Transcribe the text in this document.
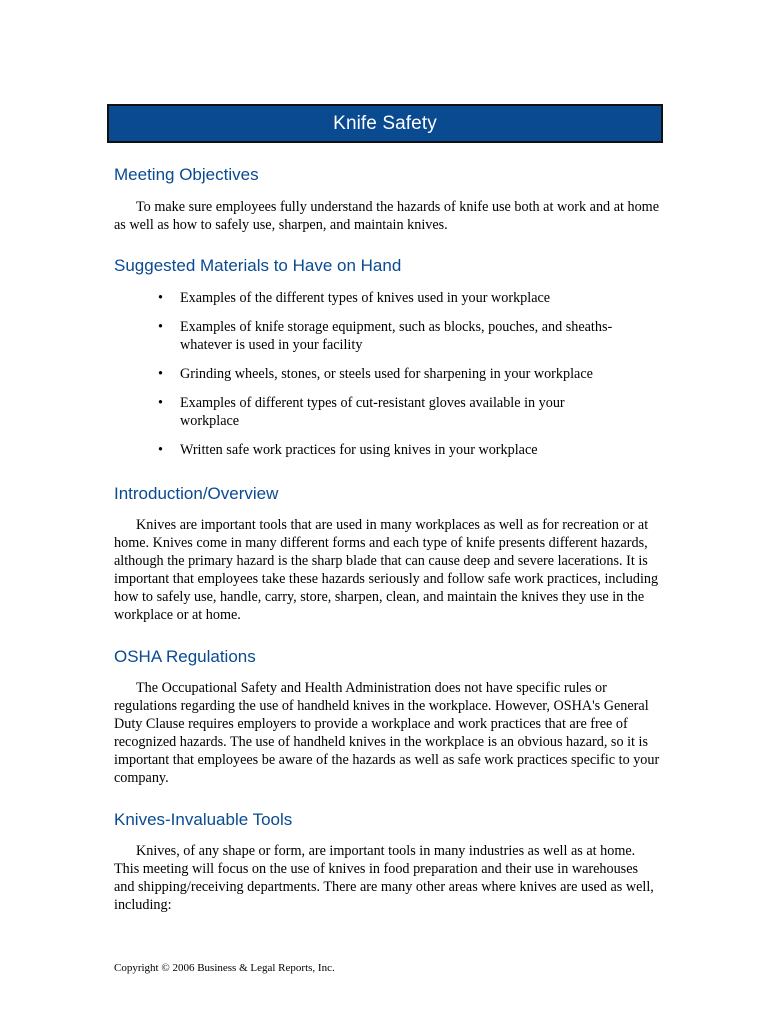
Knife Safety
Meeting Objectives

To make sure employees fully understand the hazards of knife use both at work and at home as well as how to safely use, sharpen, and maintain knives.

Suggested Materials to Have on Hand
•	Examples of the different types of knives used in your workplace
•	Examples of knife storage equipment, such as blocks, pouches, and sheaths- whatever is used in your facility
•	Grinding wheels, stones, or steels used for sharpening in your workplace
•	Examples of different types of cut-resistant gloves available in your workplace
•	Written safe work practices for using knives in your workplace
Introduction/Overview

Knives are important tools that are used in many workplaces as well as for recreation or at home. Knives come in many different forms and each type of knife presents different hazards, although the primary hazard is the sharp blade that can cause deep and severe lacerations. It is important that employees take these hazards seriously and follow safe work practices, including how to safely use, handle, carry, store, sharpen, clean, and maintain the knives they use in the workplace or at home.

OSHA Regulations

The Occupational Safety and Health Administration does not have specific rules or regulations regarding the use of handheld knives in the workplace. However, OSHA's General Duty Clause requires employers to provide a workplace and work practices that are free of recognized hazards. The use of handheld knives in the workplace is an obvious hazard, so it is important that employees be aware of the hazards as well as safe work practices specific to your company.

Knives-Invaluable Tools

Knives, of any shape or form, are important tools in many industries as well as at home. This meeting will focus on the use of knives in food preparation and their use in warehouses and shipping/receiving departments. There are many other areas where knives are used as well, including:

Copyright © 2006 Business & Legal Reports, Inc.
